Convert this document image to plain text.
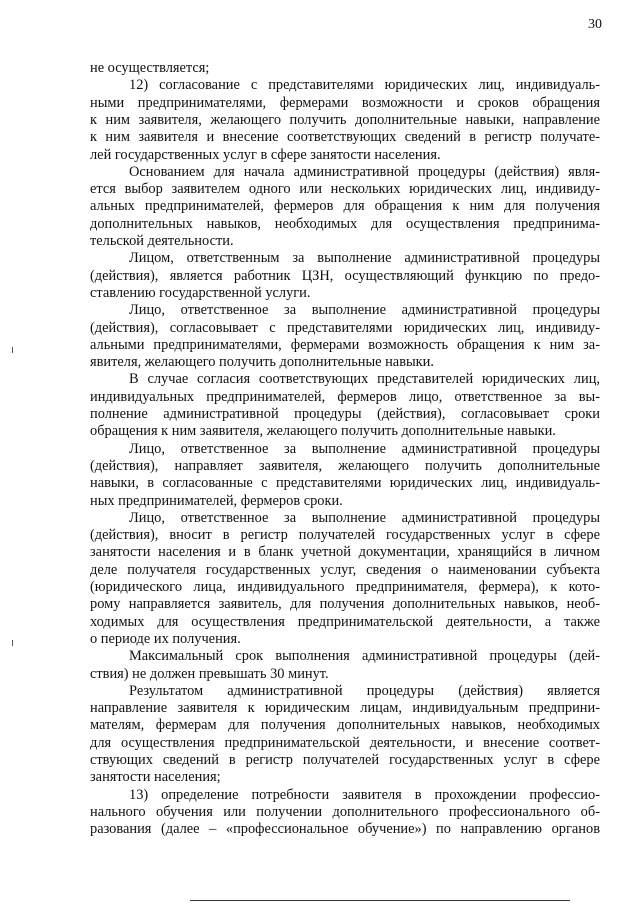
30
не осуществляется;
12) согласование с представителями юридических лиц, индивидуаль-
ными предпринимателями, фермерами возможности и сроков обращения
к ним заявителя, желающего получить дополнительные навыки, направление
к ним заявителя и внесение соответствующих сведений в регистр получате-
лей государственных услуг в сфере занятости населения.
Основанием для начала административной процедуры (действия) явля-
ется выбор заявителем одного или нескольких юридических лиц, индивиду-
альных предпринимателей, фермеров для обращения к ним для получения
дополнительных навыков, необходимых для осуществления предпринима-
тельской деятельности.
Лицом, ответственным за выполнение административной процедуры
(действия), является работник ЦЗН, осуществляющий функцию по предо-
ставлению государственной услуги.
Лицо, ответственное за выполнение административной процедуры
(действия), согласовывает с представителями юридических лиц, индивиду-
альными предпринимателями, фермерами возможность обращения к ним за-
явителя, желающего получить дополнительные навыки.
В случае согласия соответствующих представителей юридических лиц,
индивидуальных предпринимателей, фермеров лицо, ответственное за вы-
полнение административной процедуры (действия), согласовывает сроки
обращения к ним заявителя, желающего получить дополнительные навыки.
Лицо, ответственное за выполнение административной процедуры
(действия), направляет заявителя, желающего получить дополнительные
навыки, в согласованные с представителями юридических лиц, индивидуаль-
ных предпринимателей, фермеров сроки.
Лицо, ответственное за выполнение административной процедуры
(действия), вносит в регистр получателей государственных услуг в сфере
занятости населения и в бланк учетной документации, хранящийся в личном
деле получателя государственных услуг, сведения о наименовании субъекта
(юридического лица, индивидуального предпринимателя, фермера), к кото-
рому направляется заявитель, для получения дополнительных навыков, необ-
ходимых для осуществления предпринимательской деятельности, а также
о периоде их получения.
Максимальный срок выполнения административной процедуры (дей-
ствия) не должен превышать 30 минут.
Результатом административной процедуры (действия) является
направление заявителя к юридическим лицам, индивидуальным предприни-
мателям, фермерам для получения дополнительных навыков, необходимых
для осуществления предпринимательской деятельности, и внесение соответ-
ствующих сведений в регистр получателей государственных услуг в сфере
занятости населения;
13) определение потребности заявителя в прохождении профессио-
нального обучения или получении дополнительного профессионального об-
разования (далее – «профессиональное обучение») по направлению органов
